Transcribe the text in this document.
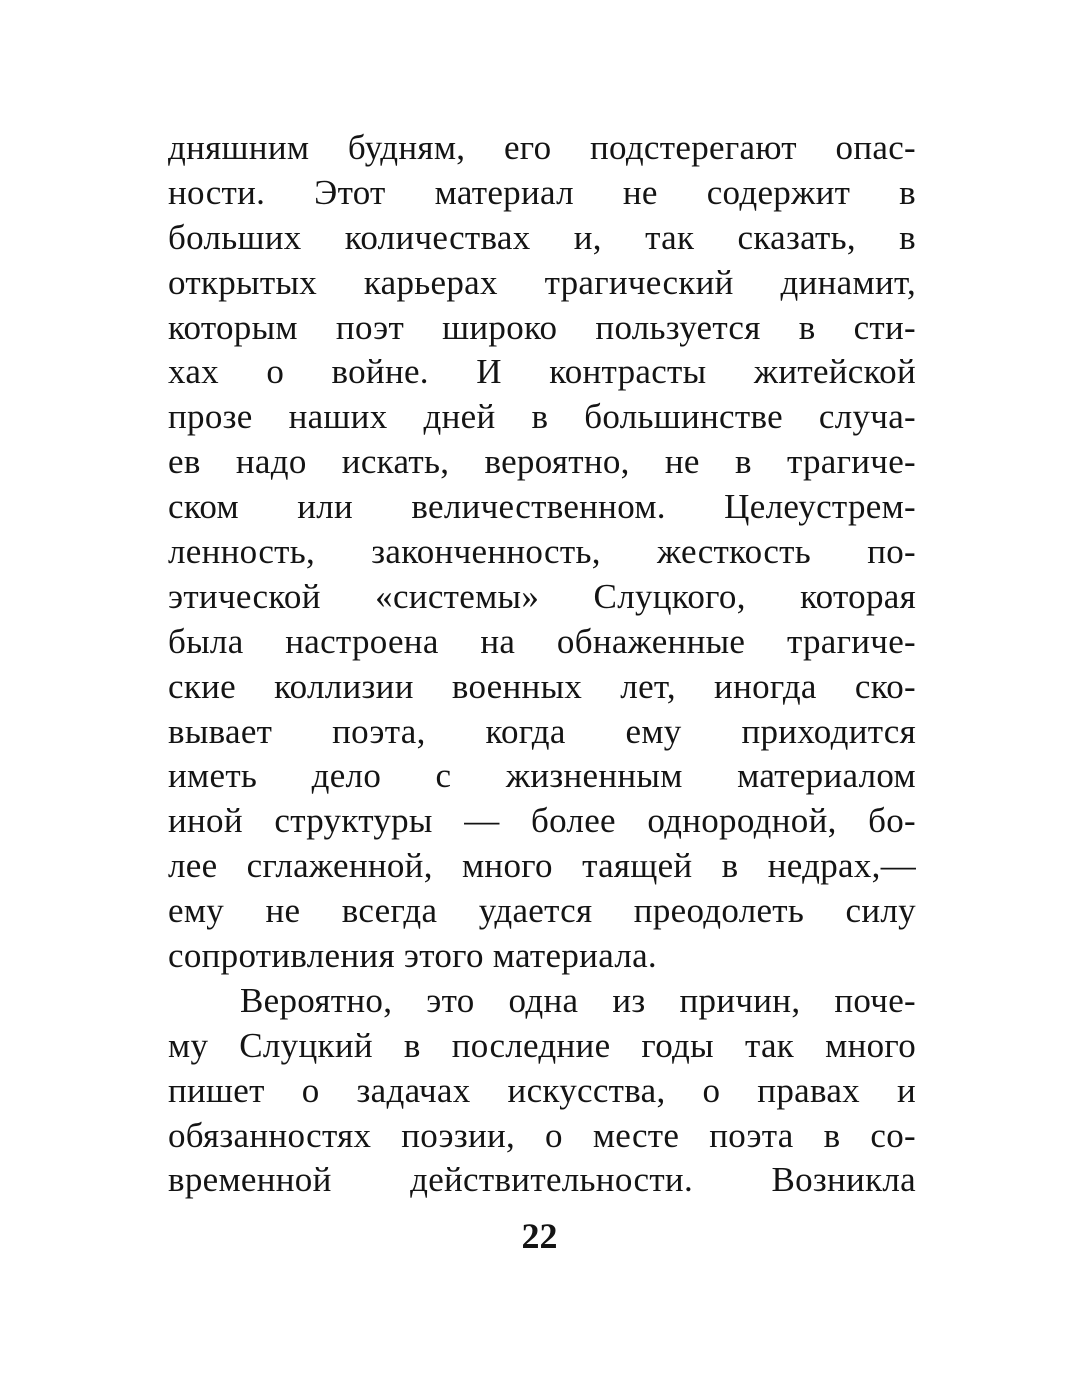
дняшним будням, его подстерегают опас-
ности. Этот материал не содержит в
больших количествах и, так сказать, в
открытых карьерах трагический динамит,
которым поэт широко пользуется в сти-
хах о войне. И контрасты житейской
прозе наших дней в большинстве случа-
ев надо искать, вероятно, не в трагиче-
ском или величественном. Целеустрем-
ленность, законченность, жесткость по-
этической «системы» Слуцкого, которая
была настроена на обнаженные трагиче-
ские коллизии военных лет, иногда ско-
вывает поэта, когда ему приходится
иметь дело с жизненным материалом
иной структуры — более однородной, бо-
лее сглаженной, много таящей в недрах,—
ему не всегда удается преодолеть силу
сопротивления этого материала.
Вероятно, это одна из причин, поче-
му Слуцкий в последние годы так много
пишет о задачах искусства, о правах и
обязанностях поэзии, о месте поэта в со-
временной действительности. Возникла
22
